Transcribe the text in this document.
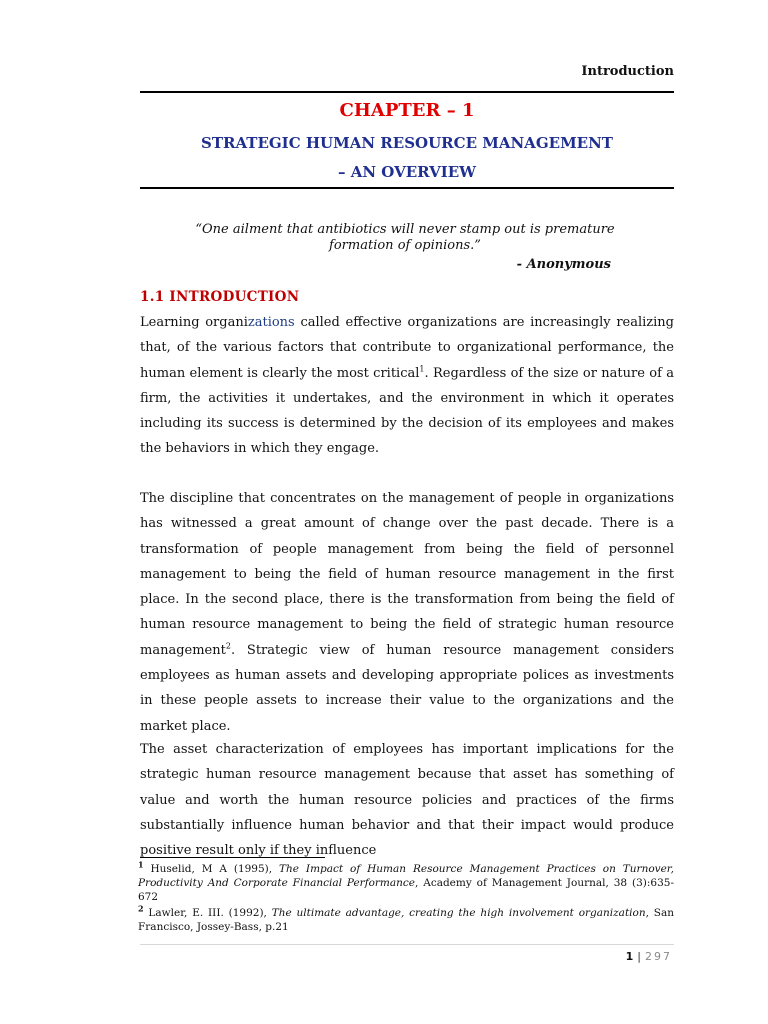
Introduction
CHAPTER – 1
STRATEGIC HUMAN RESOURCE MANAGEMENT
– AN OVERVIEW
“One ailment that antibiotics will never stamp out is premature formation of opinions.”
- Anonymous
1.1 INTRODUCTION
Learning organizations called effective organizations are increasingly realizing that, of the various factors that contribute to organizational performance, the human element is clearly the most critical$^1$. Regardless of the size or nature of a firm, the activities it undertakes, and the environment in which it operates including its success is determined by the decision of its employees and makes the behaviors in which they engage.
The discipline that concentrates on the management of people in organizations has witnessed a great amount of change over the past decade. There is a transformation of people management from being the field of personnel management to being the field of human resource management in the first place. In the second place, there is the transformation from being the field of human resource management to being the field of strategic human resource management$^2$. Strategic view of human resource management considers employees as human assets and developing appropriate polices as investments in these people assets to increase their value to the organizations and the market place.
The asset characterization of employees has important implications for the strategic human resource management because that asset has something of value and worth the human resource policies and practices of the firms substantially influence human behavior and that their impact would produce positive result only if they influence
$^1$ Huselid, M A (1995), The Impact of Human Resource Management Practices on Turnover, Productivity And Corporate Financial Performance, Academy of Management Journal, 38 (3):635-672
$^2$ Lawler, E. III. (1992), The ultimate advantage, creating the high involvement organization, San Francisco, Jossey-Bass, p.21
1 | 297
